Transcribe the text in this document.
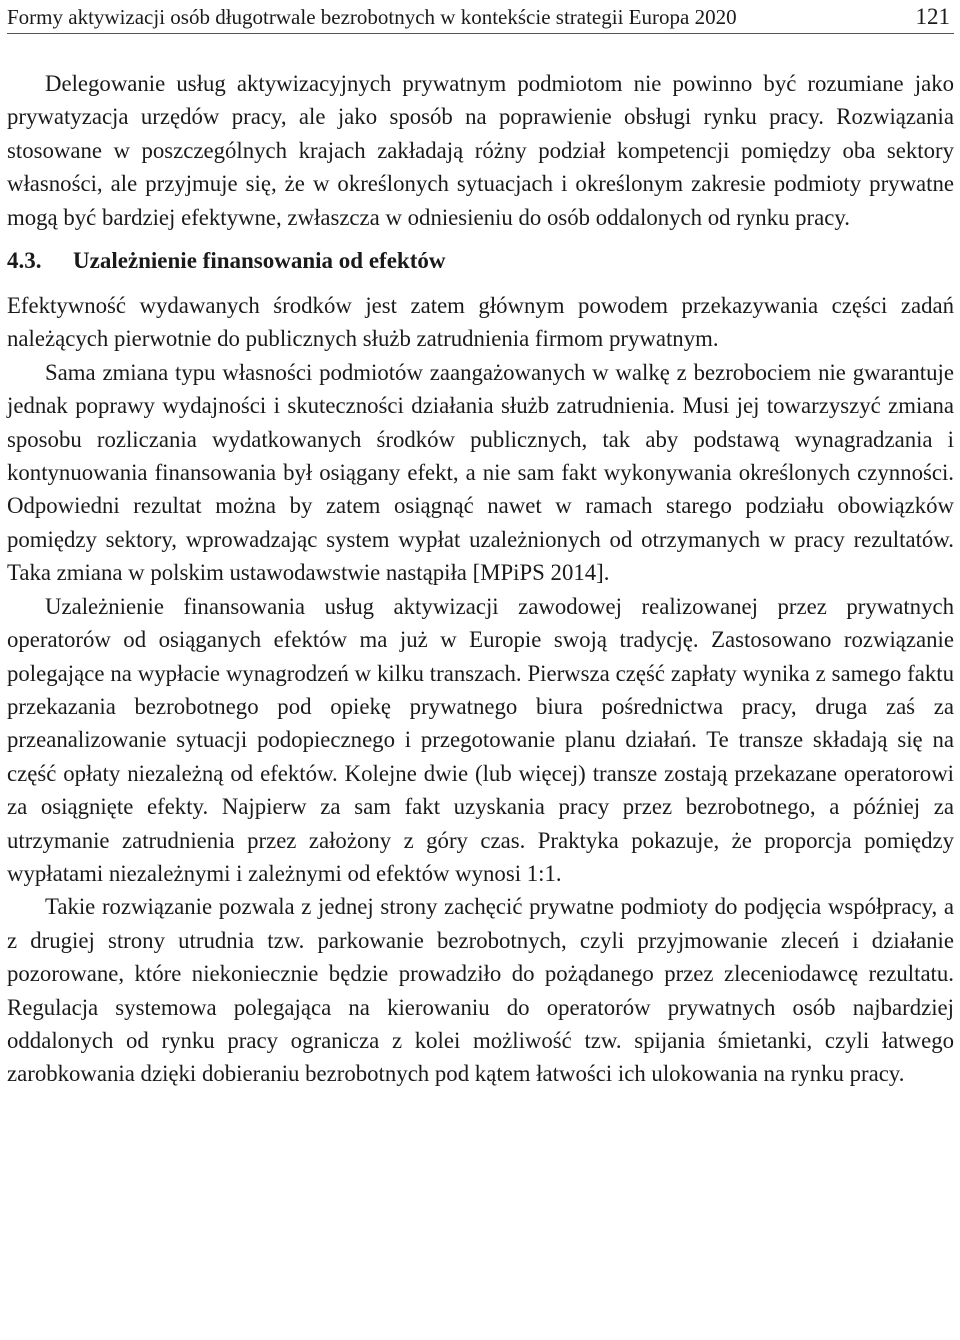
Formy aktywizacji osób długotrwale bezrobotnych w kontekście strategii Europa 2020	121

Delegowanie usług aktywizacyjnych prywatnym podmiotom nie powinno być rozumiane jako prywatyzacja urzędów pracy, ale jako sposób na poprawienie obsługi rynku pracy. Rozwiązania stosowane w poszczególnych krajach zakładają różny podział kompetencji pomiędzy oba sektory własności, ale przyjmuje się, że w określonych sytuacjach i określonym zakresie podmioty prywatne mogą być bardziej efektywne, zwłaszcza w odniesieniu do osób oddalonych od rynku pracy.

4.3. Uzależnienie finansowania od efektów

Efektywność wydawanych środków jest zatem głównym powodem przekazywania części zadań należących pierwotnie do publicznych służb zatrudnienia firmom prywatnym.

Sama zmiana typu własności podmiotów zaangażowanych w walkę z bezrobociem nie gwarantuje jednak poprawy wydajności i skuteczności działania służb zatrudnienia. Musi jej towarzyszyć zmiana sposobu rozliczania wydatkowanych środków publicznych, tak aby podstawą wynagradzania i kontynuowania finansowania był osiągany efekt, a nie sam fakt wykonywania określonych czynności. Odpowiedni rezultat można by zatem osiągnąć nawet w ramach starego podziału obowiązków pomiędzy sektory, wprowadzając system wypłat uzależnionych od otrzymanych w pracy rezultatów. Taka zmiana w polskim ustawodawstwie nastąpiła [MPiPS 2014].

Uzależnienie finansowania usług aktywizacji zawodowej realizowanej przez prywatnych operatorów od osiąganych efektów ma już w Europie swoją tradycję. Zastosowano rozwiązanie polegające na wypłacie wynagrodzeń w kilku transzach. Pierwsza część zapłaty wynika z samego faktu przekazania bezrobotnego pod opiekę prywatnego biura pośrednictwa pracy, druga zaś za przeanalizowanie sytuacji podopiecznego i przegotowanie planu działań. Te transze składają się na część opłaty niezależną od efektów. Kolejne dwie (lub więcej) transze zostają przekazane operatorowi za osiągnięte efekty. Najpierw za sam fakt uzyskania pracy przez bezrobotnego, a później za utrzymanie zatrudnienia przez założony z góry czas. Praktyka pokazuje, że proporcja pomiędzy wypłatami niezależnymi i zależnymi od efektów wynosi 1:1.

Takie rozwiązanie pozwala z jednej strony zachęcić prywatne podmioty do podjęcia współpracy, a z drugiej strony utrudnia tzw. parkowanie bezrobotnych, czyli przyjmowanie zleceń i działanie pozorowane, które niekoniecznie będzie prowadziło do pożądanego przez zleceniodawcę rezultatu. Regulacja systemowa polegająca na kierowaniu do operatorów prywatnych osób najbardziej oddalonych od rynku pracy ogranicza z kolei możliwość tzw. spijania śmietanki, czyli łatwego zarobkowania dzięki dobieraniu bezrobotnych pod kątem łatwości ich ulokowania na rynku pracy.
